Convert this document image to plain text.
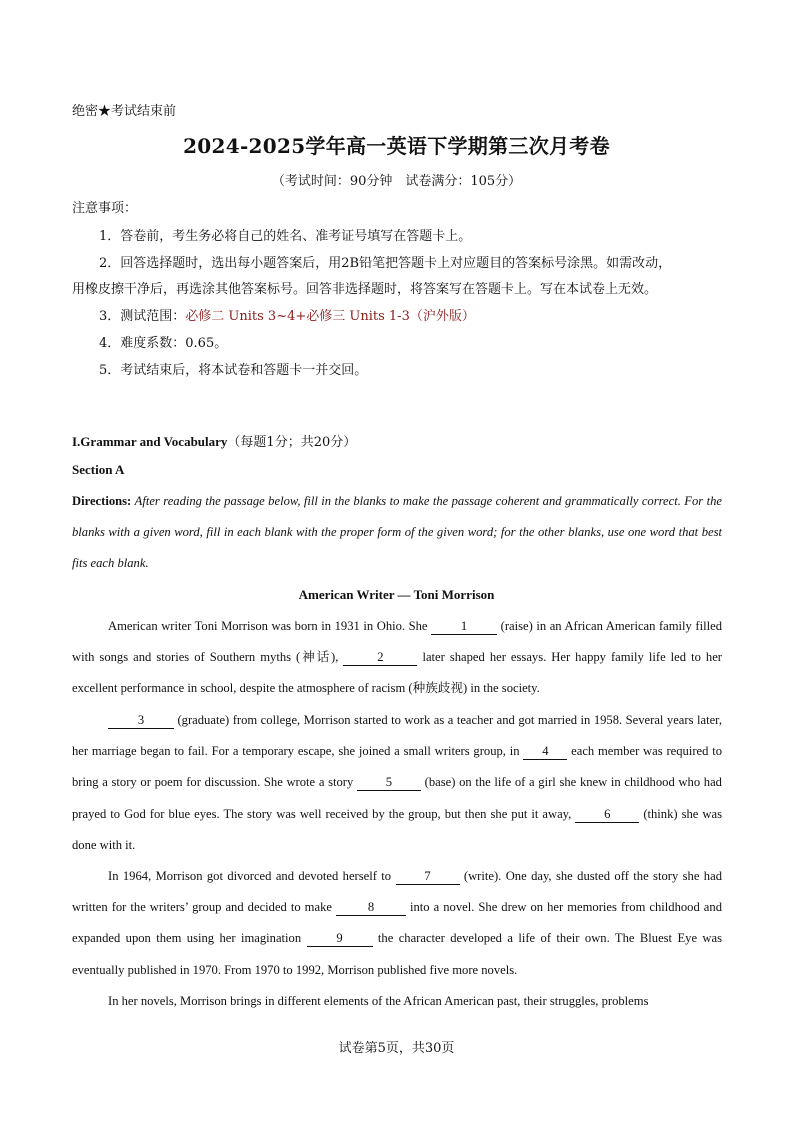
绝密★考试结束前
2024-2025学年高一英语下学期第三次月考卷
（考试时间：90分钟　试卷满分：105分）
注意事项：
1．答卷前，考生务必将自己的姓名、准考证号填写在答题卡上。
2．回答选择题时，选出每小题答案后，用2B铅笔把答题卡上对应题目的答案标号涂黑。如需改动，
用橡皮擦干净后，再选涂其他答案标号。回答非选择题时，将答案写在答题卡上。写在本试卷上无效。
3．测试范围：必修二 Units 3~4+必修三 Units 1-3（沪外版）
4．难度系数：0.65。
5．考试结束后，将本试卷和答题卡一并交回。
I.Grammar and Vocabulary（每题1分；共20分）
Section A
Directions: After reading the passage below, fill in the blanks to make the passage coherent and grammatically correct. For the blanks with a given word, fill in each blank with the proper form of the given word; for the other blanks, use one word that best fits each blank.
American Writer — Toni Morrison
American writer Toni Morrison was born in 1931 in Ohio. She 1 (raise) in an African American family filled with songs and stories of Southern myths (神话),	2	later shaped her essays. Her happy family life led to her excellent performance in school, despite the atmosphere of racism (种族歧视) in the society.
3 (graduate) from college, Morrison started to work as a teacher and got married in 1958. Several years later, her marriage began to fail. For a temporary escape, she joined a small writers group, in 4 each member was required to bring a story or poem for discussion. She wrote a story 5 (base) on the life of a girl she knew in childhood who had prayed to God for blue eyes. The story was well received by the group, but then she put it away, 6 (think) she was done with it.
In 1964, Morrison got divorced and devoted herself to 7 (write). One day, she dusted off the story she had written for the writers’ group and decided to make	8	into a novel. She drew on her memories from childhood and expanded upon them using her imagination 9 the character developed a life of their own. The Bluest Eye was eventually published in 1970. From 1970 to 1992, Morrison published five more novels.
In her novels, Morrison brings in different elements of the African American past, their struggles, problems
试卷第5页，共30页
